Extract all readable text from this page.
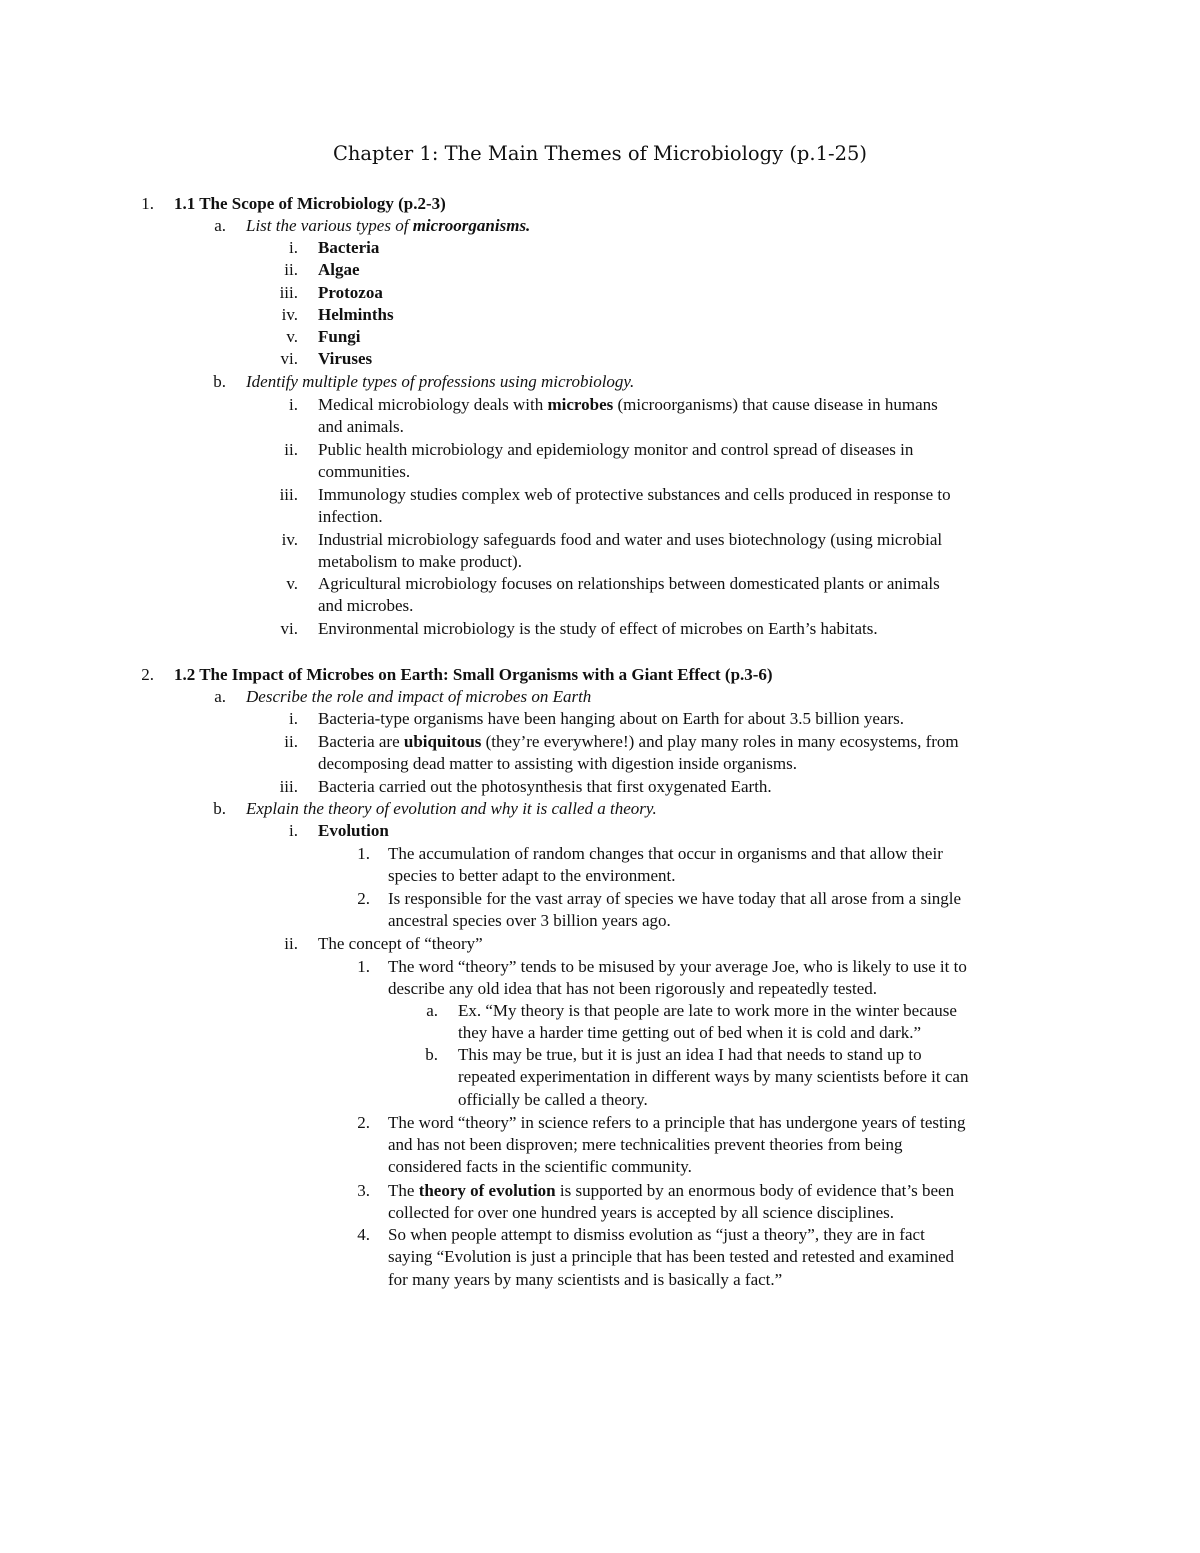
Chapter 1: The Main Themes of Microbiology (p.1-25)
1. 1.1 The Scope of Microbiology (p.2-3)
a. List the various types of microorganisms.
i. Bacteria
ii. Algae
iii. Protozoa
iv. Helminths
v. Fungi
vi. Viruses
b. Identify multiple types of professions using microbiology.
i. Medical microbiology deals with microbes (microorganisms) that cause disease in humans
and animals.
ii. Public health microbiology and epidemiology monitor and control spread of diseases in
communities.
iii. Immunology studies complex web of protective substances and cells produced in response to
infection.
iv. Industrial microbiology safeguards food and water and uses biotechnology (using microbial
metabolism to make product).
v. Agricultural microbiology focuses on relationships between domesticated plants or animals
and microbes.
vi. Environmental microbiology is the study of effect of microbes on Earth’s habitats.
2. 1.2 The Impact of Microbes on Earth: Small Organisms with a Giant Effect (p.3-6)
a. Describe the role and impact of microbes on Earth
i. Bacteria-type organisms have been hanging about on Earth for about 3.5 billion years.
ii. Bacteria are ubiquitous (they’re everywhere!) and play many roles in many ecosystems, from
decomposing dead matter to assisting with digestion inside organisms.
iii. Bacteria carried out the photosynthesis that first oxygenated Earth.
b. Explain the theory of evolution and why it is called a theory.
i. Evolution
1. The accumulation of random changes that occur in organisms and that allow their
species to better adapt to the environment.
2. Is responsible for the vast array of species we have today that all arose from a single
ancestral species over 3 billion years ago.
ii. The concept of “theory”
1. The word “theory” tends to be misused by your average Joe, who is likely to use it to
describe any old idea that has not been rigorously and repeatedly tested.
a. Ex. “My theory is that people are late to work more in the winter because
they have a harder time getting out of bed when it is cold and dark.”
b. This may be true, but it is just an idea I had that needs to stand up to
repeated experimentation in different ways by many scientists before it can
officially be called a theory.
2. The word “theory” in science refers to a principle that has undergone years of testing
and has not been disproven; mere technicalities prevent theories from being
considered facts in the scientific community.
3. The theory of evolution is supported by an enormous body of evidence that’s been
collected for over one hundred years is accepted by all science disciplines.
4. So when people attempt to dismiss evolution as “just a theory”, they are in fact
saying “Evolution is just a principle that has been tested and retested and examined
for many years by many scientists and is basically a fact.”
